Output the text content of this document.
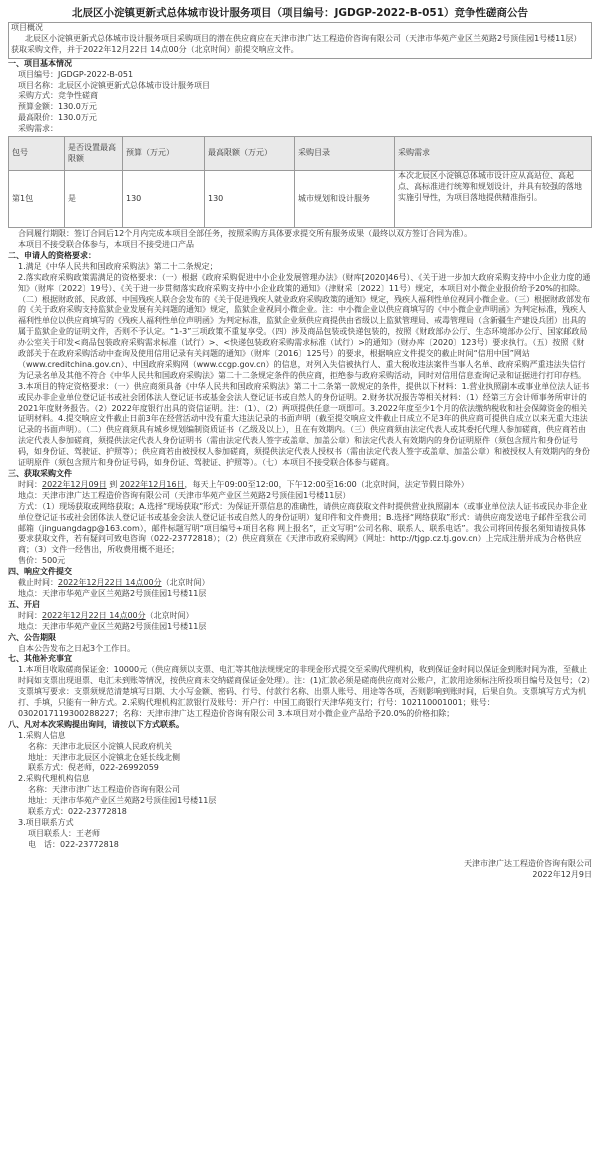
北辰区小淀镇更新式总体城市设计服务项目（项目编号：JGDGP-2022-B-051）竞争性磋商公告

项目概况

北辰区小淀镇更新式总体城市设计服务项目采购项目的潜在供应商应在天津市津广达工程造价咨询有限公司（天津市华苑产业区兰苑路2号顶佳园1号楼11层）获取采购文件，并于2022年12月22日 14点00分（北京时间）前提交响应文件。

一、项目基本情况

项目编号：JGDGP-2022-B-051

项目名称：北辰区小淀镇更新式总体城市设计服务项目

采购方式：竞争性磋商

预算金额：130.0万元

最高限价：130.0万元

采购需求：

包号	是否设置最高限额	预算（万元）	最高限额（万元）	采购目录	采购需求
第1包	是	130	130	城市规划和设计服务	本次北辰区小淀镇总体城市设计应从高站位、高起点、高标准进行统筹和规划设计，并具有较强的落地实施引导性，为项目落地提供精准指引。

合同履行期限：签订合同后12个月内完成本项目全部任务，按照采购方具体要求提交所有服务成果（最终以双方签订合同为准）。

本项目不接受联合体参与，本项目不接受进口产品

二、申请人的资格要求：

1.满足《中华人民共和国政府采购法》第二十二条规定；

2.落实政府采购政策需满足的资格要求：（一）根据《政府采购促进中小企业发展管理办法》（财库[2020]46号）、《关于进一步加大政府采购支持中小企业力度的通知》（财库〔2022〕19号）、《关于进一步贯彻落实政府采购支持中小企业政策的通知》（津财采〔2022〕11号）规定，本项目对小微企业报价给予20%的扣除。（二）根据财政部、民政部、中国残疾人联合会发布的《关于促进残疾人就业政府采购政策的通知》规定，残疾人福利性单位视同小微企业。（三）根据财政部发布的《关于政府采购支持监狱企业发展有关问题的通知》规定，监狱企业视同小微企业。注：中小微企业以供应商填写的《中小微企业声明函》为判定标准，残疾人福利性单位以供应商填写的《残疾人福利性单位声明函》为判定标准，监狱企业须供应商提供由省级以上监狱管理局、戒毒管理局（含新疆生产建设兵团）出具的属于监狱企业的证明文件，否则不予认定。“1-3”三项政策不重复享受。（四）涉及商品包装或快递包装的，按照《财政部办公厅、生态环境部办公厅、国家邮政局办公室关于印发<商品包装政府采购需求标准（试行）>、<快递包装政府采购需求标准（试行）>的通知》（财办库〔2020〕123号）要求执行。（五）按照《财政部关于在政府采购活动中查询及使用信用记录有关问题的通知》（财库〔2016〕125号）的要求，根据响应文件提交的截止时间“信用中国”网站（www.creditchina.gov.cn）、中国政府采购网（www.ccgp.gov.cn）的信息，对列入失信被执行人、重大税收违法案件当事人名单、政府采购严重违法失信行为记录名单及其他不符合《中华人民共和国政府采购法》第二十二条规定条件的供应商，拒绝参与政府采购活动，同时对信用信息查询记录和证据进行打印存档。

3.本项目的特定资格要求：（一）供应商须具备《中华人民共和国政府采购法》第二十二条第一款规定的条件，提供以下材料：1.营业执照副本或事业单位法人证书或民办非企业单位登记证书或社会团体法人登记证书或基金会法人登记证书或自然人的身份证明。2.财务状况报告等相关材料：（1）经第三方会计师事务所审计的2021年度财务报告。（2）2022年度银行出具的资信证明。注：（1）、（2）两项提供任意一项即可。3.2022年度至少1个月的依法缴纳税收和社会保障资金的相关证明材料。4.提交响应文件截止日前3年在经营活动中没有重大违法记录的书面声明（截至提交响应文件截止日成立不足3年的供应商可提供自成立以来无重大违法记录的书面声明）。（二）供应商须具有城乡规划编制资质证书（乙级及以上），且在有效期内。（三）供应商须由法定代表人或其委托代理人参加磋商，供应商若由法定代表人参加磋商，须提供法定代表人身份证明书（需由法定代表人签字或盖章、加盖公章）和法定代表人有效期内的身份证明原件（须包含照片和身份证号码，如身份证、驾驶证、护照等）；供应商若由被授权人参加磋商，须提供法定代表人授权书（需由法定代表人签字或盖章、加盖公章）和被授权人有效期内的身份证明原件（须包含照片和身份证号码，如身份证、驾驶证、护照等）。（七）本项目不接受联合体参与磋商。

三、获取采购文件

时间：2022年12月09日 到 2022年12月16日，每天上午09:00至12:00，下午12:00至16:00（北京时间，法定节假日除外）

地点：天津市津广达工程造价咨询有限公司（天津市华苑产业区兰苑路2号顶佳园1号楼11层）

方式：（1）现场获取或网络获取；A.选择“现场获取”形式：为保证开票信息的准确性，请供应商获取文件时提供营业执照副本（或事业单位法人证书或民办非企业单位登记证书或社会团体法人登记证书或基金会法人登记证书或自然人的身份证明）复印件和文件费用；B.选择“网络获取”形式：请供应商发送电子邮件至我公司邮箱（jinguangdagp@163.com），邮件标题写明“项目编号+项目名称 网上报名”，正文写明“公司名称、联系人、联系电话”。我公司将回传报名须知请按具体要求获取文件，若有疑问可致电咨询（022-23772818）；（2）供应商须在《天津市政府采购网》（网址：http://tjgp.cz.tj.gov.cn）上完成注册并成为合格供应商；（3）文件一经售出，所收费用概不退还；

售价：500元

四、响应文件提交

截止时间：2022年12月22日 14点00分（北京时间）

地点：天津市华苑产业区兰苑路2号顶佳园1号楼11层

五、开启

时间：2022年12月22日 14点00分（北京时间）

地点：天津市华苑产业区兰苑路2号顶佳园1号楼11层

六、公告期限

自本公告发布之日起3个工作日。

七、其他补充事宜

1.本项目收取磋商保证金：10000元（供应商须以支票、电汇等其他法规规定的非现金形式提交至采购代理机构，收到保证金时间以保证金到账时间为准，至截止时间如支票出现退票、电汇未到账等情况，按供应商未交纳磋商保证金处理）。注：(1)汇款必须是磋商供应商对公账户，汇款用途须标注所投项目编号及包号；（2）支票填写要求：支票须规范清楚填写日期、大小写金额、密码、行号、付款行名称、出票人账号、用途等各项，否则影响到账时间，后果自负。支票填写方式为机打、手填，只能有一种方式。2.采购代理机构汇款银行及账号：开户行：中国工商银行天津华苑支行；行号：102110001001；账号：0302017119300288227；名称：天津市津广达工程造价咨询有限公司 3.本项目对小微企业产品给予20.0%的价格扣除；

八、凡对本次采购提出询问，请按以下方式联系。

1.采购人信息

名称：天津市北辰区小淀镇人民政府机关

地址：天津市北辰区小淀镇北仓延长线北侧

联系方式：倪老师，022-26992059

2.采购代理机构信息

名称：天津市津广达工程造价咨询有限公司

地址：天津市华苑产业区兰苑路2号顶佳园1号楼11层

联系方式：022-23772818

3.项目联系方式

项目联系人：王老师

电　话：022-23772818

天津市津广达工程造价咨询有限公司

2022年12月9日
